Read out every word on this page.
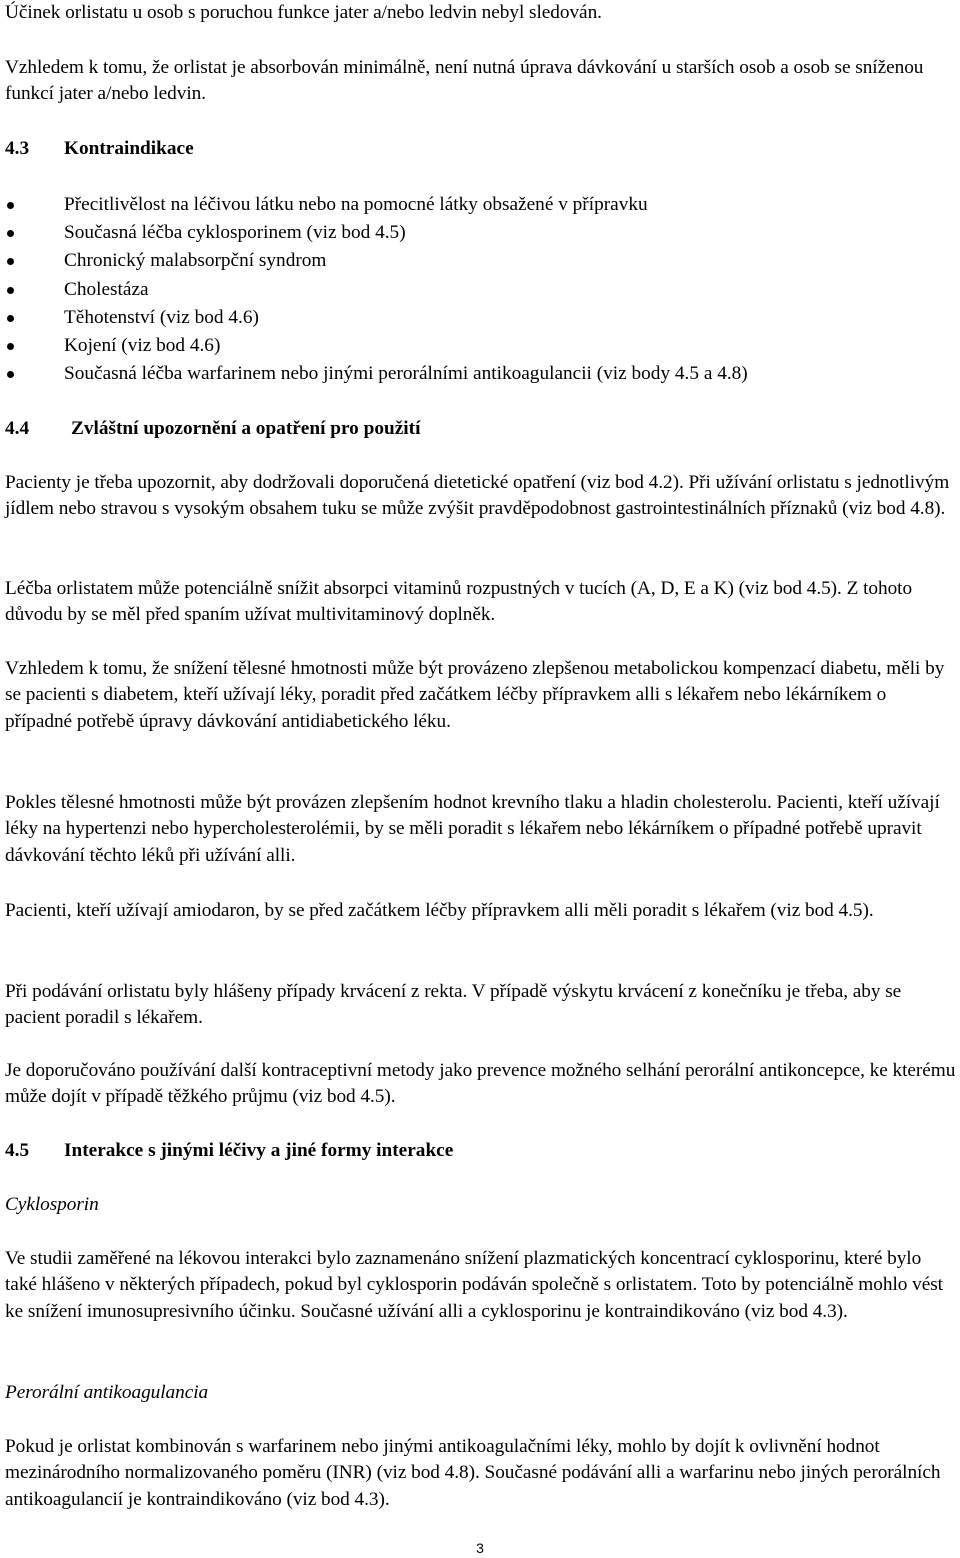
Účinek orlistatu u osob s poruchou funkce jater a/nebo ledvin nebyl sledován.

Vzhledem k tomu, že orlistat je absorbován minimálně, není nutná úprava dávkování u starších osob a osob se sníženou funkcí jater a/nebo ledvin.

4.3 Kontraindikace
Přecitlivělost na léčivou látku nebo na pomocné látky obsažené v přípravku
Současná léčba cyklosporinem (viz bod 4.5)
Chronický malabsorpční syndrom
Cholestáza
Těhotenství (viz bod 4.6)
Kojení (viz bod 4.6)
Současná léčba warfarinem nebo jinými perorálními antikoagulancii (viz body 4.5 a 4.8)
4.4 Zvláštní upozornění a opatření pro použití

Pacienty je třeba upozornit, aby dodržovali doporučená dietetické opatření (viz bod 4.2). Při užívání orlistatu s jednotlivým jídlem nebo stravou s vysokým obsahem tuku se může zvýšit pravděpodobnost gastrointestinálních příznaků (viz bod 4.8).

Léčba orlistatem může potenciálně snížit absorpci vitaminů rozpustných v tucích (A, D, E a K) (viz bod 4.5). Z tohoto důvodu by se měl před spaním užívat multivitaminový doplněk.

Vzhledem k tomu, že snížení tělesné hmotnosti může být provázeno zlepšenou metabolickou kompenzací diabetu, měli by se pacienti s diabetem, kteří užívají léky, poradit před začátkem léčby přípravkem alli s lékařem nebo lékárníkem o případné potřebě úpravy dávkování antidiabetického léku.

Pokles tělesné hmotnosti může být provázen zlepšením hodnot krevního tlaku a hladin cholesterolu. Pacienti, kteří užívají léky na hypertenzi nebo hypercholesterolémii, by se měli poradit s lékařem nebo lékárníkem o případné potřebě upravit dávkování těchto léků při užívání alli.

Pacienti, kteří užívají amiodaron, by se před začátkem léčby přípravkem alli měli poradit s lékařem (viz bod 4.5).

Při podávání orlistatu byly hlášeny případy krvácení z rekta. V případě výskytu krvácení z konečníku je třeba, aby se pacient poradil s lékařem.

Je doporučováno používání další kontraceptivní metody jako prevence možného selhání perorální antikoncepce, ke kterému může dojít v případě těžkého průjmu (viz bod 4.5).

4.5 Interakce s jinými léčivy a jiné formy interakce

Cyklosporin

Ve studii zaměřené na lékovou interakci bylo zaznamenáno snížení plazmatických koncentrací cyklosporinu, které bylo také hlášeno v některých případech, pokud byl cyklosporin podáván společně s orlistatem. Toto by potenciálně mohlo vést ke snížení imunosupresivního účinku. Současné užívání alli a cyklosporinu je kontraindikováno (viz bod 4.3).

Perorální antikoagulancia

Pokud je orlistat kombinován s warfarinem nebo jinými antikoagulačními léky, mohlo by dojít k ovlivnění hodnot mezinárodního normalizovaného poměru (INR) (viz bod 4.8). Současné podávání alli a warfarinu nebo jiných perorálních antikoagulancií je kontraindikováno (viz bod 4.3).

3
